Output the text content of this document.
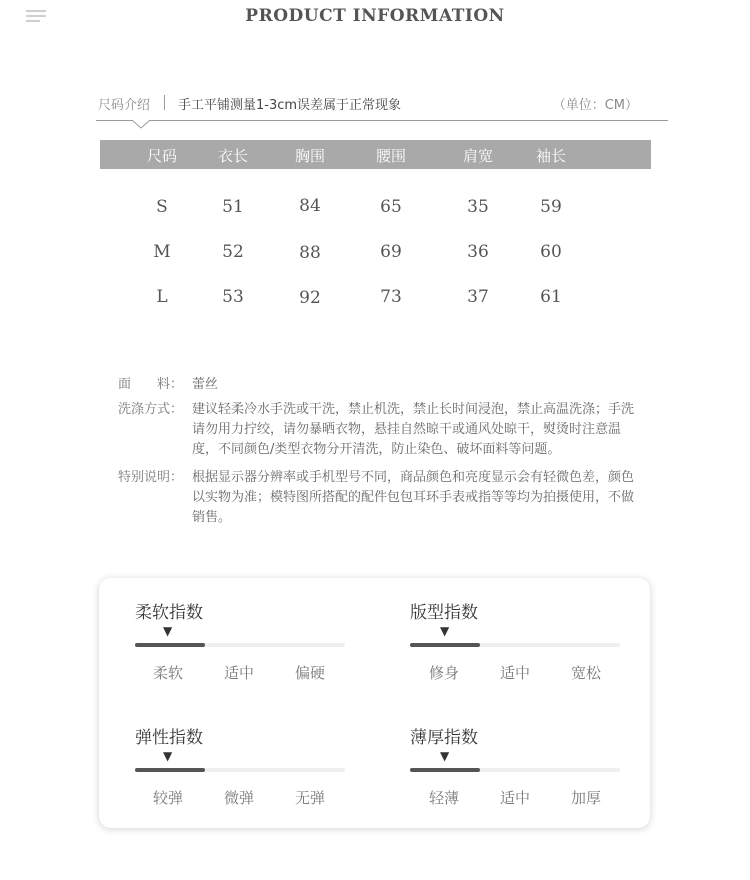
PRODUCT INFORMATION
尺码介绍 手工平铺测量1-3cm误差属于正常现象	（单位：CM）
尺码	衣长	胸围	腰围	肩宽	袖长
S	51	84	65	35	59
M	52	88	69	36	60
L	53	92	73	37	61
面　　料： 蕾丝
洗涤方式： 建议轻柔冷水手洗或干洗，禁止机洗，禁止长时间浸泡，禁止高温洗涤；手洗请勿用力拧绞，请勿暴晒衣物，悬挂自然晾干或通风处晾干，熨烫时注意温度，不同颜色/类型衣物分开清洗，防止染色、破坏面料等问题。
特别说明： 根据显示器分辨率或手机型号不同，商品颜色和亮度显示会有轻微色差，颜色以实物为准；模特图所搭配的配件包包耳环手表戒指等等均为拍摄使用，不做销售。
柔软指数
▼
柔软	适中	偏硬
版型指数
▼
修身	适中	宽松
弹性指数
▼
较弹	微弹	无弹
薄厚指数
▼
轻薄	适中	加厚
